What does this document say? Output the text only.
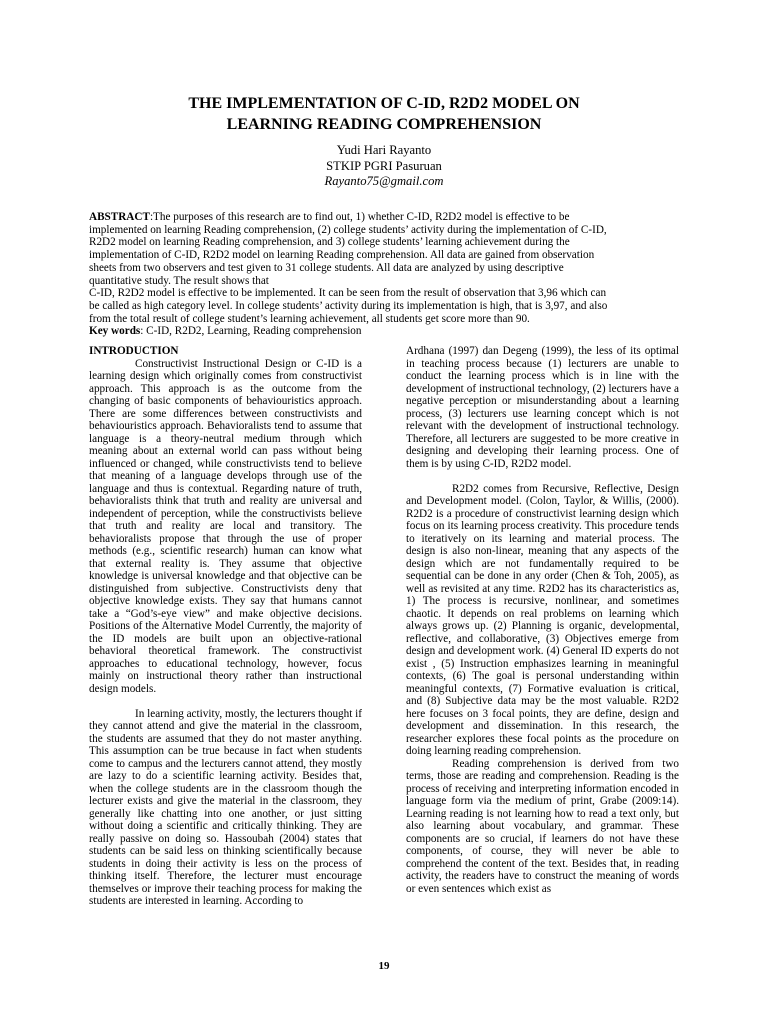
THE IMPLEMENTATION OF C-ID, R2D2 MODEL ON
LEARNING READING COMPREHENSION
Yudi Hari Rayanto
STKIP PGRI Pasuruan
Rayanto75@gmail.com
ABSTRACT:The purposes of this research are to find out, 1) whether C-ID, R2D2 model is effective to be
implemented on learning Reading comprehension, (2) college students’ activity during the implementation of C-ID,
R2D2 model on learning Reading comprehension, and 3) college students’ learning achievement during the
implementation of C-ID, R2D2 model on learning Reading comprehension. All data are gained from observation
sheets from two observers and test given to 31 college students. All data are analyzed by using descriptive
quantitative study. The result shows that
C-ID, R2D2 model is effective to be implemented. It can be seen from the result of observation that 3,96 which can
be called as high category level. In college students’ activity during its implementation is high, that is 3,97, and also
from the total result of college student’s learning achievement, all students get score more than 90.
Key words: C-ID, R2D2, Learning, Reading comprehension

INTRODUCTION

Constructivist Instructional Design or C-ID is a learning design which originally comes from constructivist approach. This approach is as the outcome from the changing of basic components of behaviouristics approach. There are some differences between constructivists and behaviouristics approach. Behavioralists tend to assume that language is a theory-neutral medium through which meaning about an external world can pass without being influenced or changed, while constructivists tend to believe that meaning of a language develops through use of the language and thus is contextual. Regarding nature of truth, behavioralists think that truth and reality are universal and independent of perception, while the constructivists believe that truth and reality are local and transitory. The behavioralists propose that through the use of proper methods (e.g., scientific research) human can know what that external reality is. They assume that objective knowledge is universal knowledge and that objective can be distinguished from subjective. Constructivists deny that objective knowledge exists. They say that humans cannot take a “God’s-eye view” and make objective decisions. Positions of the Alternative Model Currently, the majority of the ID models are built upon an objective-rational behavioral theoretical framework. The constructivist approaches to educational technology, however, focus mainly on instructional theory rather than instructional design models.

In learning activity, mostly, the lecturers thought if they cannot attend and give the material in the classroom, the students are assumed that they do not master anything. This assumption can be true because in fact when students come to campus and the lecturers cannot attend, they mostly are lazy to do a scientific learning activity. Besides that, when the college students are in the classroom though the lecturer exists and give the material in the classroom, they generally like chatting into one another, or just sitting without doing a scientific and critically thinking. They are really passive on doing so. Hassoubah (2004) states that students can be said less on thinking scientifically because students in doing their activity is less on the process of thinking itself. Therefore, the lecturer must encourage themselves or improve their teaching process for making the students are interested in learning. According to

Ardhana (1997) dan Degeng (1999), the less of its optimal in teaching process because (1) lecturers are unable to conduct the learning process which is in line with the development of instructional technology, (2) lecturers have a negative perception or misunderstanding about a learning process, (3) lecturers use learning concept which is not relevant with the development of instructional technology. Therefore, all lecturers are suggested to be more creative in designing and developing their learning process. One of them is by using C-ID, R2D2 model.

R2D2 comes from Recursive, Reflective, Design and Development model. (Colon, Taylor, & Willis, (2000). R2D2 is a procedure of constructivist learning design which focus on its learning process creativity. This procedure tends to iteratively on its learning and material process. The design is also non-linear, meaning that any aspects of the design which are not fundamentally required to be sequential can be done in any order (Chen & Toh, 2005), as well as revisited at any time. R2D2 has its characteristics as, 1) The process is recursive, nonlinear, and sometimes chaotic. It depends on real problems on learning which always grows up. (2) Planning is organic, developmental, reflective, and collaborative, (3) Objectives emerge from design and development work. (4) General ID experts do not exist , (5) Instruction emphasizes learning in meaningful contexts, (6) The goal is personal understanding within meaningful contexts, (7) Formative evaluation is critical, and (8) Subjective data may be the most valuable. R2D2 here focuses on 3 focal points, they are define, design and development and dissemination. In this research, the researcher explores these focal points as the procedure on doing learning reading comprehension.

Reading comprehension is derived from two terms, those are reading and comprehension. Reading is the process of receiving and interpreting information encoded in language form via the medium of print, Grabe (2009:14). Learning reading is not learning how to read a text only, but also learning about vocabulary, and grammar. These components are so crucial, if learners do not have these components, of course, they will never be able to comprehend the content of the text. Besides that, in reading activity, the readers have to construct the meaning of words or even sentences which exist as

19
